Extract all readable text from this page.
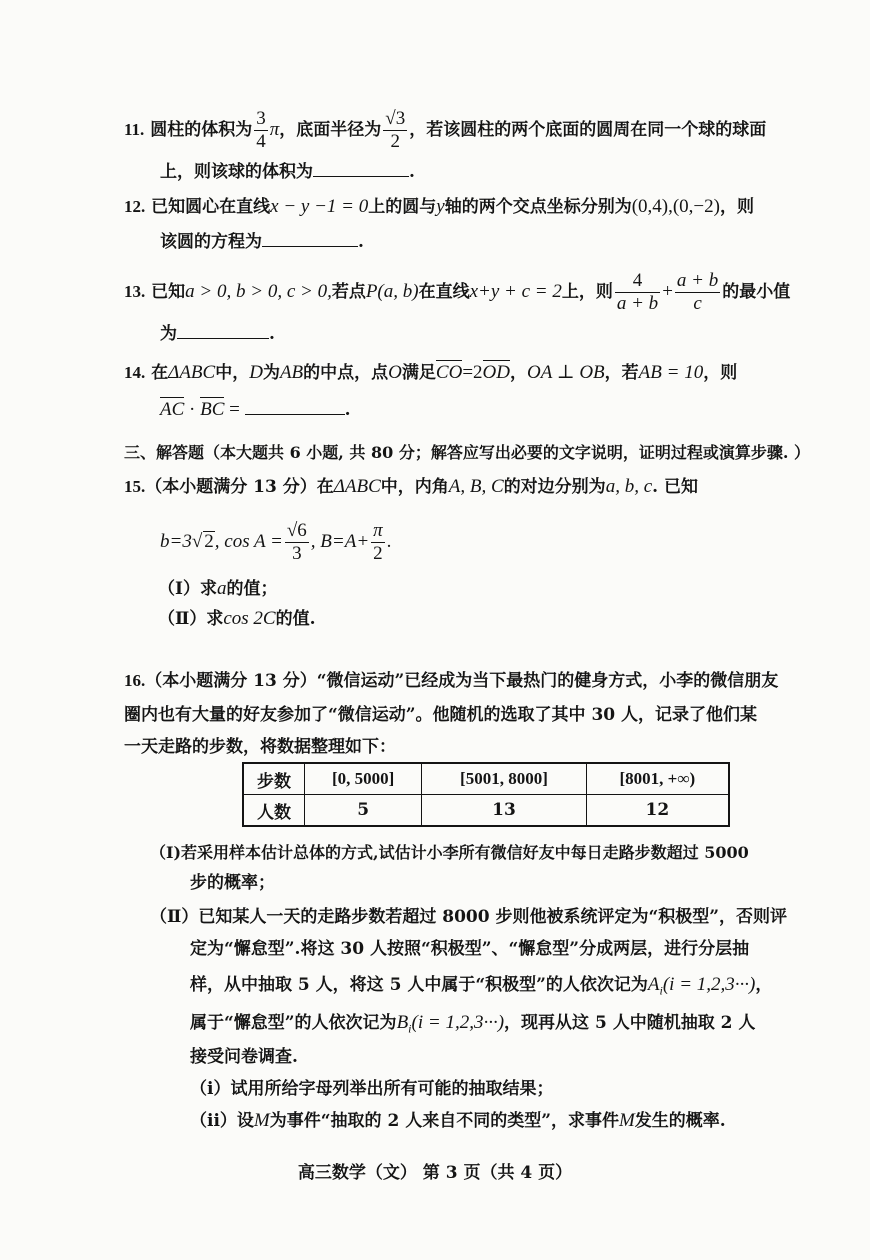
11. 圆柱的体积为 $\frac{3}{4}$ π，底面半径为 $\frac{√3}{2}$ ，若该圆柱的两个底面的圆周在同一个球的球面
上，则该球的体积为	.
12. 已知圆心在直线x − y −1 = 0上的圆与y轴的两个交点坐标分别为(0,4),(0,−2)，则
该圆的方程为	.
13. 已知a > 0, b > 0, c > 0,若点P(a, b)在直线x+y + c = 2上，则 $\frac{4}{a + b} + \frac{a + b}{c}$ 的最小值
为	.
14. 在ΔABC中，D为AB的中点，点O满足CO=2OD，OA ⊥ OB，若AB = 10，则
AC · BC =	.
三、解答题（本大题共 6 小题, 共 80 分；解答应写出必要的文字说明，证明过程或演算步骤. ）
15.（本小题满分 13 分）在ΔABC中，内角A, B, C的对边分别为a, b, c. 已知
b=3√ 2, $\cos A = \frac{√6}{3}$ , $B=A+ \frac{\pi}{2}$ .
（Ⅰ）求a的值；
（Ⅱ）求cos 2C的值.
16.（本小题满分 13 分）“微信运动”已经成为当下最热门的健身方式，小李的微信朋友
圈内也有大量的好友参加了“微信运动”。他随机的选取了其中 30 人，记录了他们某
一天走路的步数，将数据整理如下：
步数	[0, 5000]	[5001, 8000]	[8001, +∞)
人数	5	13	12
（Ⅰ)若采用样本估计总体的方式,试估计小李所有微信好友中每日走路步数超过 5000
步的概率；
（Ⅱ）已知某人一天的走路步数若超过 8000 步则他被系统评定为“积极型”，否则评
定为“懈怠型”.将这 30 人按照“积极型”、“懈怠型”分成两层，进行分层抽
样，从中抽取 5 人，将这 5 人中属于“积极型”的人依次记为$A_i(i = 1,2,3\cdot\cdot\cdot)$，
属于“懈怠型”的人依次记为$B_i(i = 1,2,3\cdot\cdot\cdot)$，现再从这 5 人中随机抽取 2 人
接受问卷调查.
（i）试用所给字母列举出所有可能的抽取结果；
（ii）设M为事件“抽取的 2 人来自不同的类型”，求事件M发生的概率.
高三数学（文） 第 3 页（共 4 页）
